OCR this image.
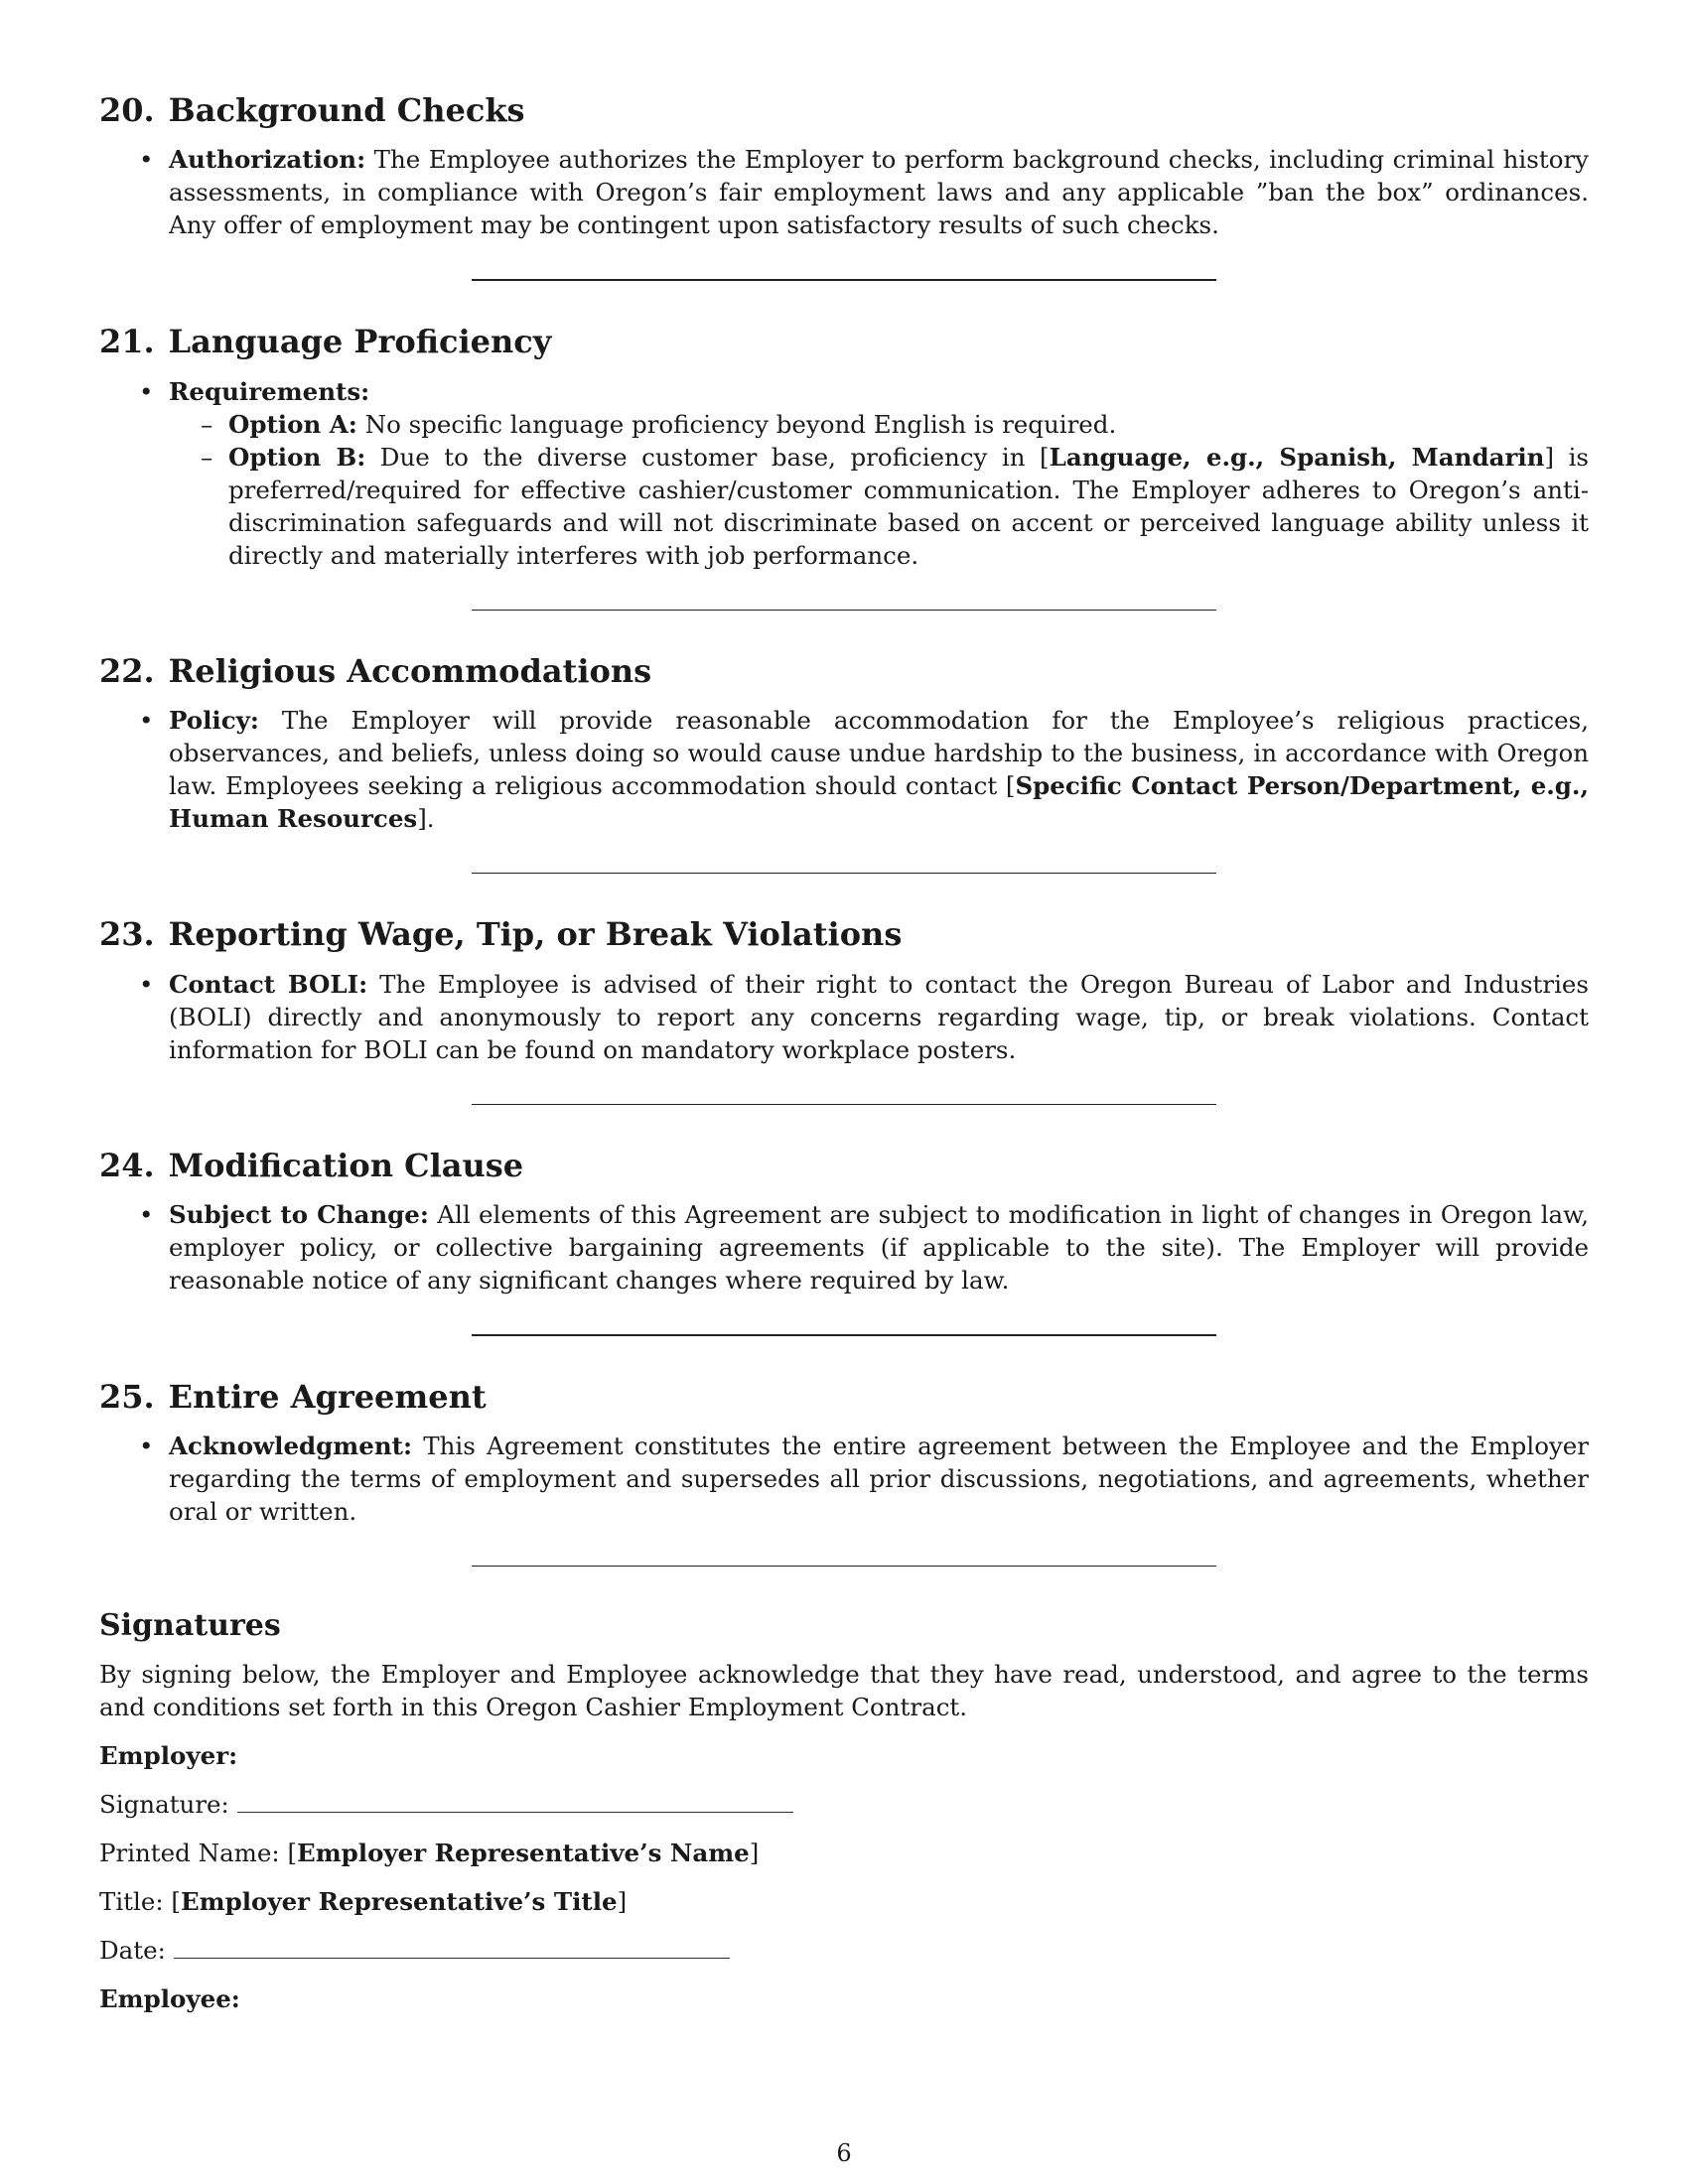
20. Background Checks

• Authorization: The Employee authorizes the Employer to perform background checks, including criminal history assessments, in compliance with Oregon’s fair employment laws and any applicable ”ban the box” ordinances. Any offer of employment may be contingent upon satisfactory results of such checks.

21. Language Proficiency

• Requirements:

– Option A: No specific language proficiency beyond English is required.

– Option B: Due to the diverse customer base, proficiency in [Language, e.g., Spanish, Mandarin] is preferred/required for effective cashier/customer communication. The Employer adheres to Oregon’s anti-discrimination safeguards and will not discriminate based on accent or perceived language ability unless it directly and materially interferes with job performance.

22. Religious Accommodations

• Policy: The Employer will provide reasonable accommodation for the Employee’s religious practices, observances, and beliefs, unless doing so would cause undue hardship to the business, in accordance with Oregon law. Employees seeking a religious accommodation should contact [Specific Contact Person/Department, e.g., Human Resources].

23. Reporting Wage, Tip, or Break Violations

• Contact BOLI: The Employee is advised of their right to contact the Oregon Bureau of Labor and Industries (BOLI) directly and anonymously to report any concerns regarding wage, tip, or break violations. Contact information for BOLI can be found on mandatory workplace posters.

24. Modification Clause

• Subject to Change: All elements of this Agreement are subject to modification in light of changes in Oregon law, employer policy, or collective bargaining agreements (if applicable to the site). The Employer will provide reasonable notice of any significant changes where required by law.

25. Entire Agreement

• Acknowledgment: This Agreement constitutes the entire agreement between the Employee and the Employer regarding the terms of employment and supersedes all prior discussions, negotiations, and agreements, whether oral or written.

Signatures

By signing below, the Employer and Employee acknowledge that they have read, understood, and agree to the terms and conditions set forth in this Oregon Cashier Employment Contract.

Employer:
Signature:
Printed Name: [Employer Representative’s Name]
Title: [Employer Representative’s Title]
Date:
Employee:
6
